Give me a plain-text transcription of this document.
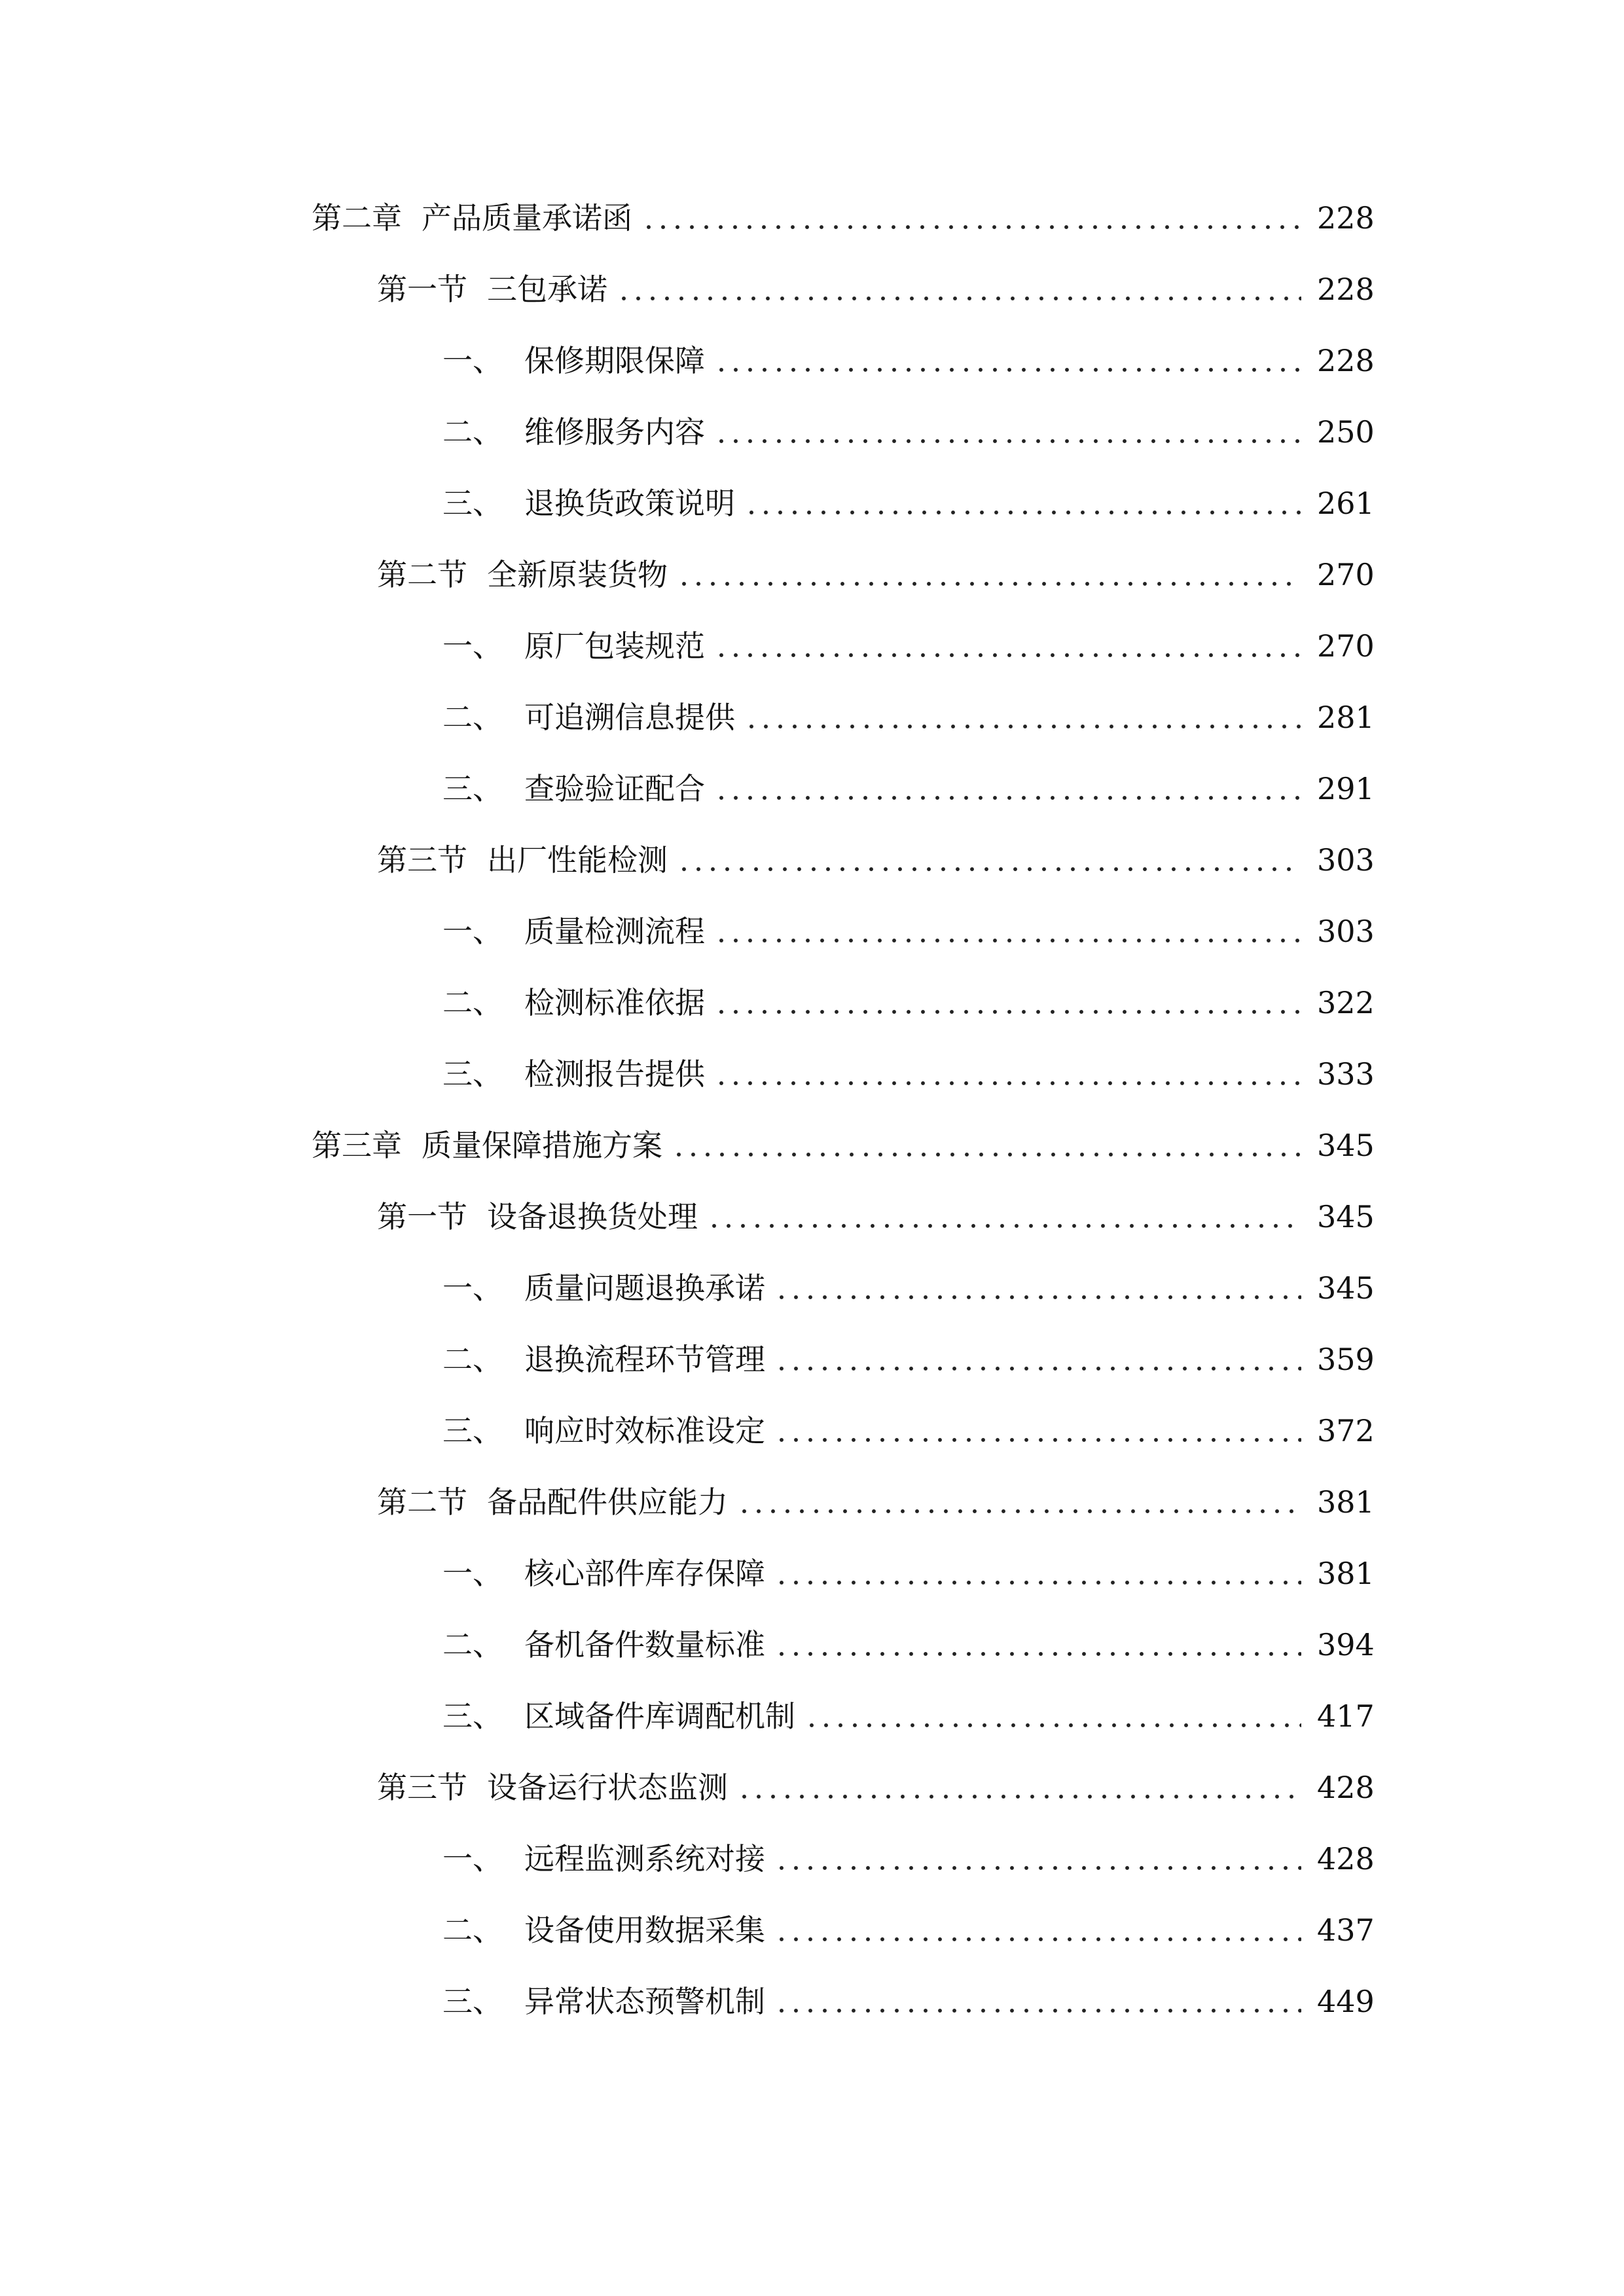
第二章 产品质量承诺函	228
第一节 三包承诺	228
一、 保修期限保障	228
二、 维修服务内容	250
三、 退换货政策说明	261
第二节 全新原装货物	270
一、 原厂包装规范	270
二、 可追溯信息提供	281
三、 查验验证配合	291
第三节 出厂性能检测	303
一、 质量检测流程	303
二、 检测标准依据	322
三、 检测报告提供	333
第三章 质量保障措施方案	345
第一节 设备退换货处理	345
一、 质量问题退换承诺	345
二、 退换流程环节管理	359
三、 响应时效标准设定	372
第二节 备品配件供应能力	381
一、 核心部件库存保障	381
二、 备机备件数量标准	394
三、 区域备件库调配机制	417
第三节 设备运行状态监测	428
一、 远程监测系统对接	428
二、 设备使用数据采集	437
三、 异常状态预警机制	449
